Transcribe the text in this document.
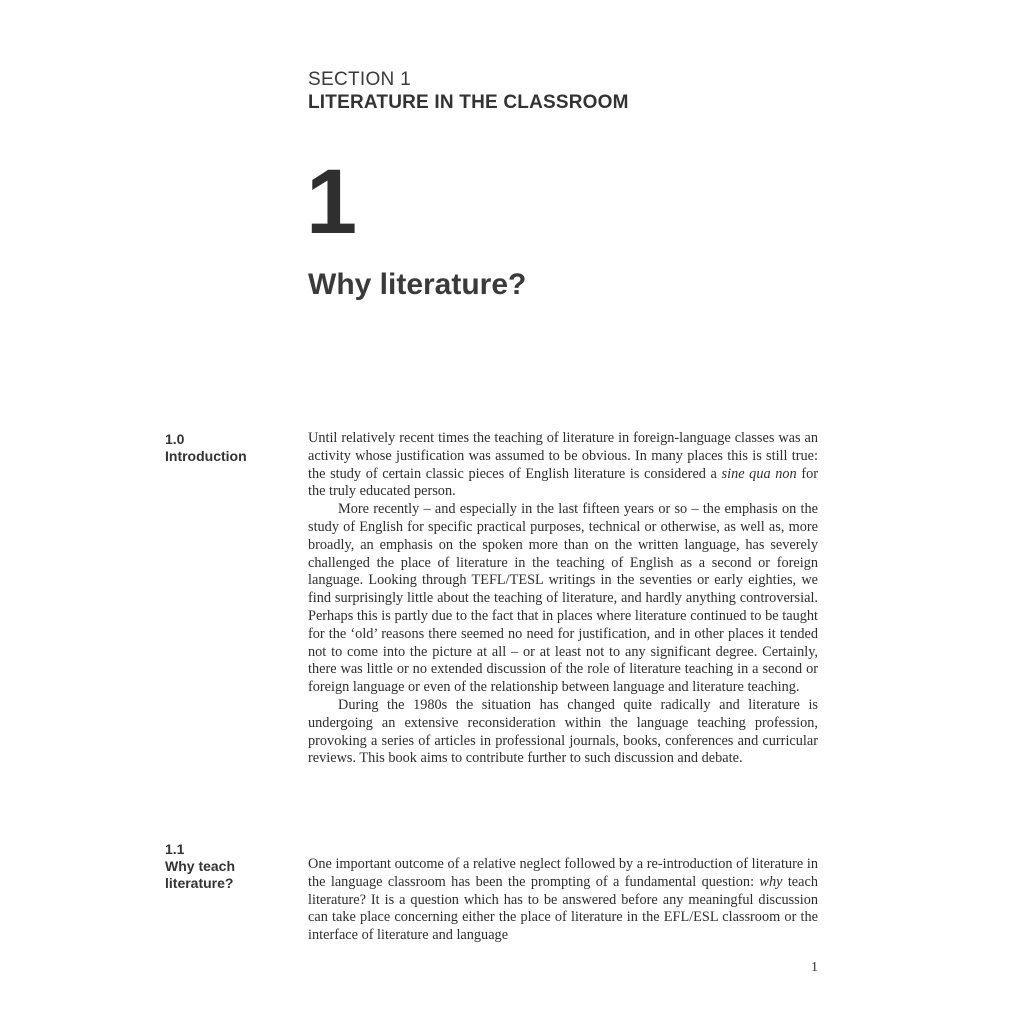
SECTION 1
LITERATURE IN THE CLASSROOM
1
Why literature?
1.0
Introduction

Until relatively recent times the teaching of literature in foreign-language classes was an activity whose justification was assumed to be obvious. In many places this is still true: the study of certain classic pieces of English literature is considered a sine qua non for the truly educated person.

More recently – and especially in the last fifteen years or so – the emphasis on the study of English for specific practical purposes, technical or otherwise, as well as, more broadly, an emphasis on the spoken more than on the written language, has severely challenged the place of literature in the teaching of English as a second or foreign language. Looking through TEFL/TESL writings in the seventies or early eighties, we find surprisingly little about the teaching of literature, and hardly anything controversial. Perhaps this is partly due to the fact that in places where literature continued to be taught for the ‘old’ reasons there seemed no need for justification, and in other places it tended not to come into the picture at all – or at least not to any significant degree. Certainly, there was little or no extended discussion of the role of literature teaching in a second or foreign language or even of the relationship between language and literature teaching.

During the 1980s the situation has changed quite radically and literature is undergoing an extensive reconsideration within the language teaching profession, provoking a series of articles in professional journals, books, conferences and curricular reviews. This book aims to contribute further to such discussion and debate.

1.1
Why teach
literature?

One important outcome of a relative neglect followed by a re-introduction of literature in the language classroom has been the prompting of a fundamental question: why teach literature? It is a question which has to be answered before any meaningful discussion can take place concerning either the place of literature in the EFL/ESL classroom or the interface of literature and language

1
